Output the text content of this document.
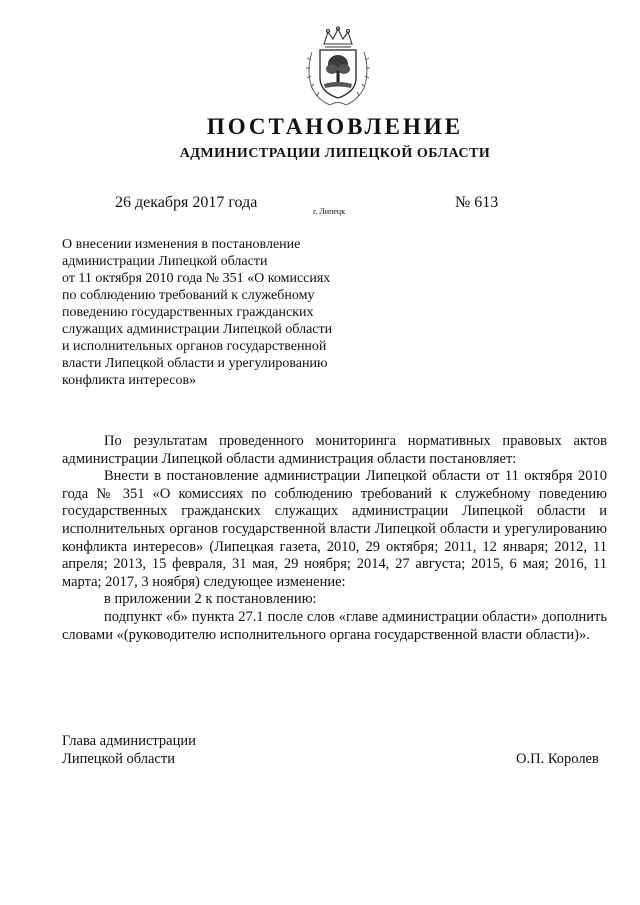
ПОСТАНОВЛЕНИЕ
АДМИНИСТРАЦИИ ЛИПЕЦКОЙ ОБЛАСТИ
26 декабря 2017 года
г. Липецк
№ 613
О внесении изменения в постановление
администрации Липецкой области
от 11 октября 2010 года № 351 «О комиссиях
по соблюдению требований к служебному
поведению государственных гражданских
служащих администрации Липецкой области
и исполнительных органов государственной
власти Липецкой области и урегулированию
конфликта интересов»

По результатам проведенного мониторинга нормативных правовых актов администрации Липецкой области администрация области постановляет:

Внести в постановление администрации Липецкой области от 11 октября 2010 года № 351 «О комиссиях по соблюдению требований к служебному поведению государственных гражданских служащих администрации Липецкой области и исполнительных органов государственной власти Липецкой области и урегулированию конфликта интересов» (Липецкая газета, 2010, 29 октября; 2011, 12 января; 2012, 11 апреля; 2013, 15 февраля, 31 мая, 29 ноября; 2014, 27 августа; 2015, 6 мая; 2016, 11 марта; 2017, 3 ноября) следующее изменение:

в приложении 2 к постановлению:

подпункт «б» пункта 27.1 после слов «главе администрации области» дополнить словами «(руководителю исполнительного органа государственной власти области)».

Глава администрации
Липецкой области	О.П. Королев
